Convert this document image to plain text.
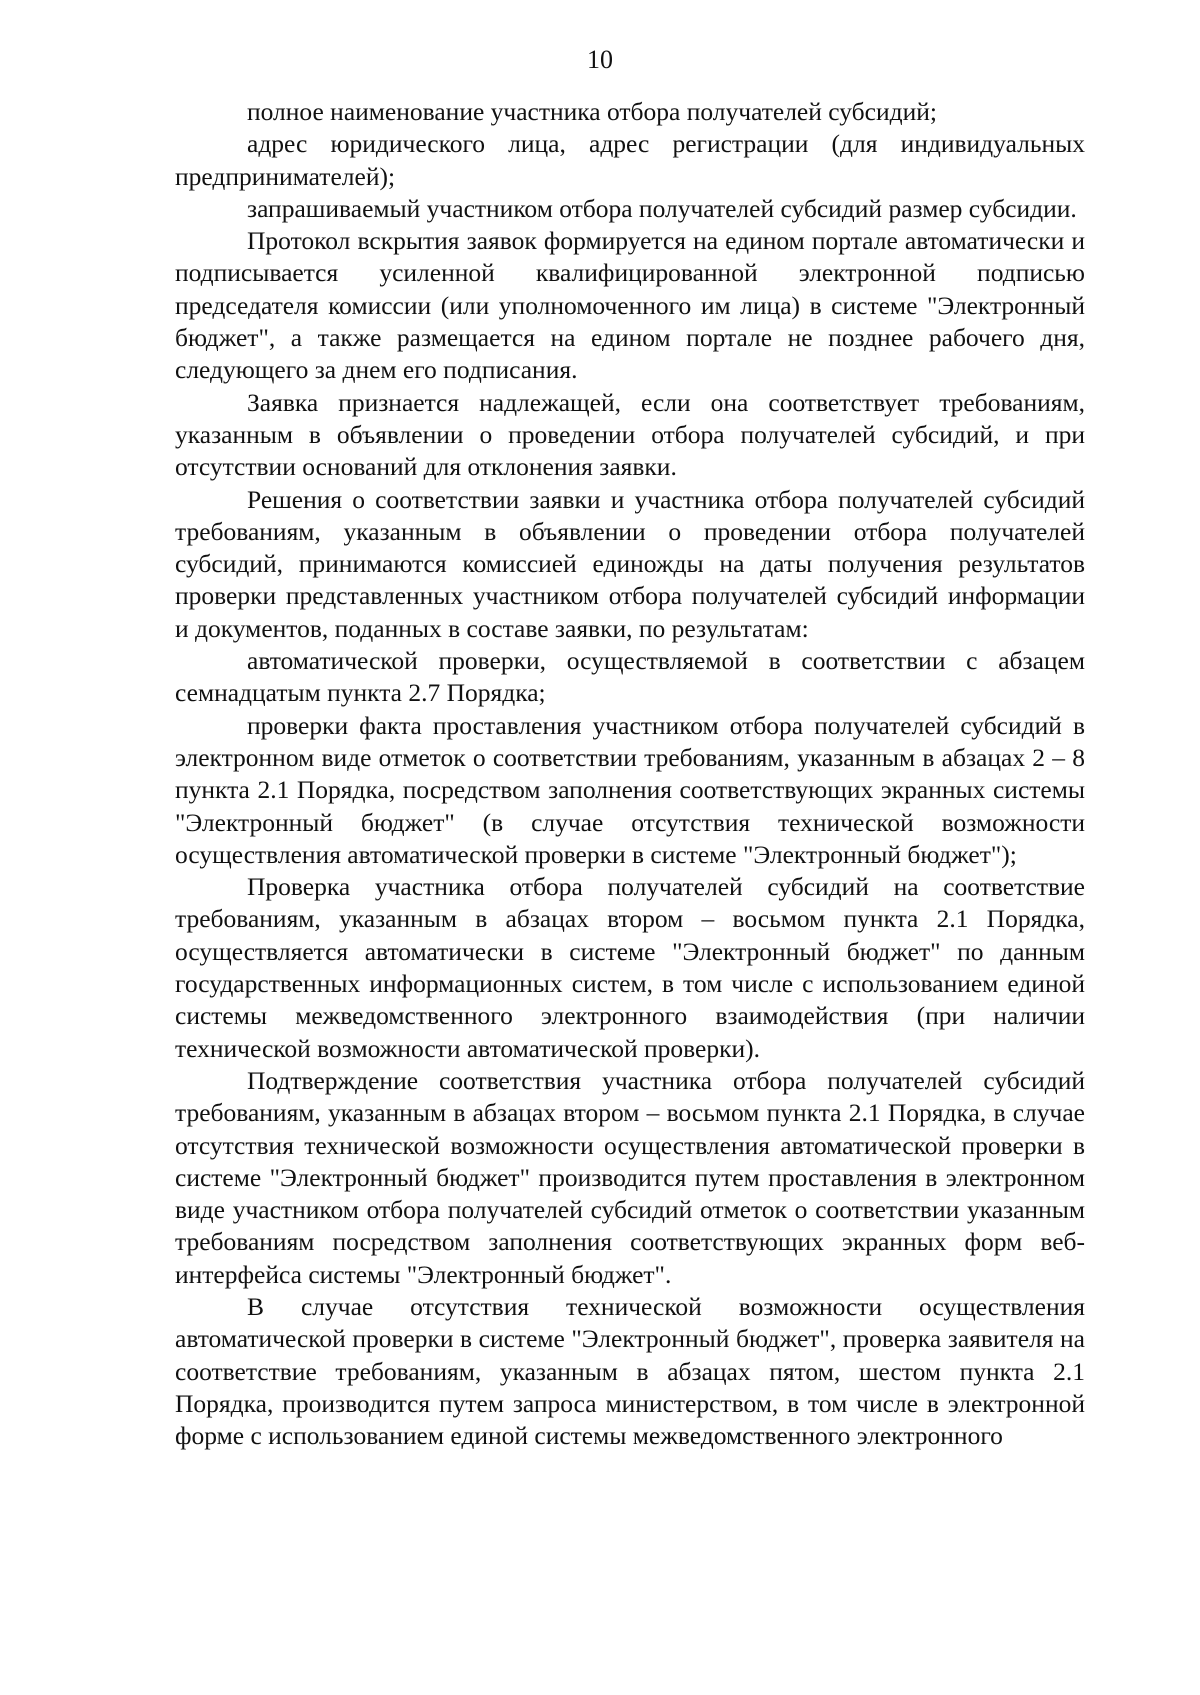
10

полное наименование участника отбора получателей субсидий;

адрес юридического лица, адрес регистрации (для индивидуальных предпринимателей);

запрашиваемый участником отбора получателей субсидий размер субсидии.

Протокол вскрытия заявок формируется на едином портале автоматически и подписывается усиленной квалифицированной электронной подписью председателя комиссии (или уполномоченного им лица) в системе "Электронный бюджет", а также размещается на едином портале не позднее рабочего дня, следующего за днем его подписания.

Заявка признается надлежащей, если она соответствует требованиям, указанным в объявлении о проведении отбора получателей субсидий, и при отсутствии оснований для отклонения заявки.

Решения о соответствии заявки и участника отбора получателей субсидий требованиям, указанным в объявлении о проведении отбора получателей субсидий, принимаются комиссией единожды на даты получения результатов проверки представленных участником отбора получателей субсидий информации и документов, поданных в составе заявки, по результатам:

автоматической проверки, осуществляемой в соответствии с абзацем семнадцатым пункта 2.7 Порядка;

проверки факта проставления участником отбора получателей субсидий в электронном виде отметок о соответствии требованиям, указанным в абзацах 2 – 8 пункта 2.1 Порядка, посредством заполнения соответствующих экранных системы "Электронный бюджет" (в случае отсутствия технической возможности осуществления автоматической проверки в системе "Электронный бюджет");

Проверка участника отбора получателей субсидий на соответствие требованиям, указанным в абзацах втором – восьмом пункта 2.1 Порядка, осуществляется автоматически в системе "Электронный бюджет" по данным государственных информационных систем, в том числе с использованием единой системы межведомственного электронного взаимодействия (при наличии технической возможности автоматической проверки).

Подтверждение соответствия участника отбора получателей субсидий требованиям, указанным в абзацах втором – восьмом пункта 2.1 Порядка, в случае отсутствия технической возможности осуществления автоматической проверки в системе "Электронный бюджет" производится путем проставления в электронном виде участником отбора получателей субсидий отметок о соответствии указанным требованиям посредством заполнения соответствующих экранных форм веб-интерфейса системы "Электронный бюджет".

В случае отсутствия технической возможности осуществления автоматической проверки в системе "Электронный бюджет", проверка заявителя на соответствие требованиям, указанным в абзацах пятом, шестом пункта 2.1 Порядка, производится путем запроса министерством, в том числе в электронной форме с использованием единой системы межведомственного электронного
